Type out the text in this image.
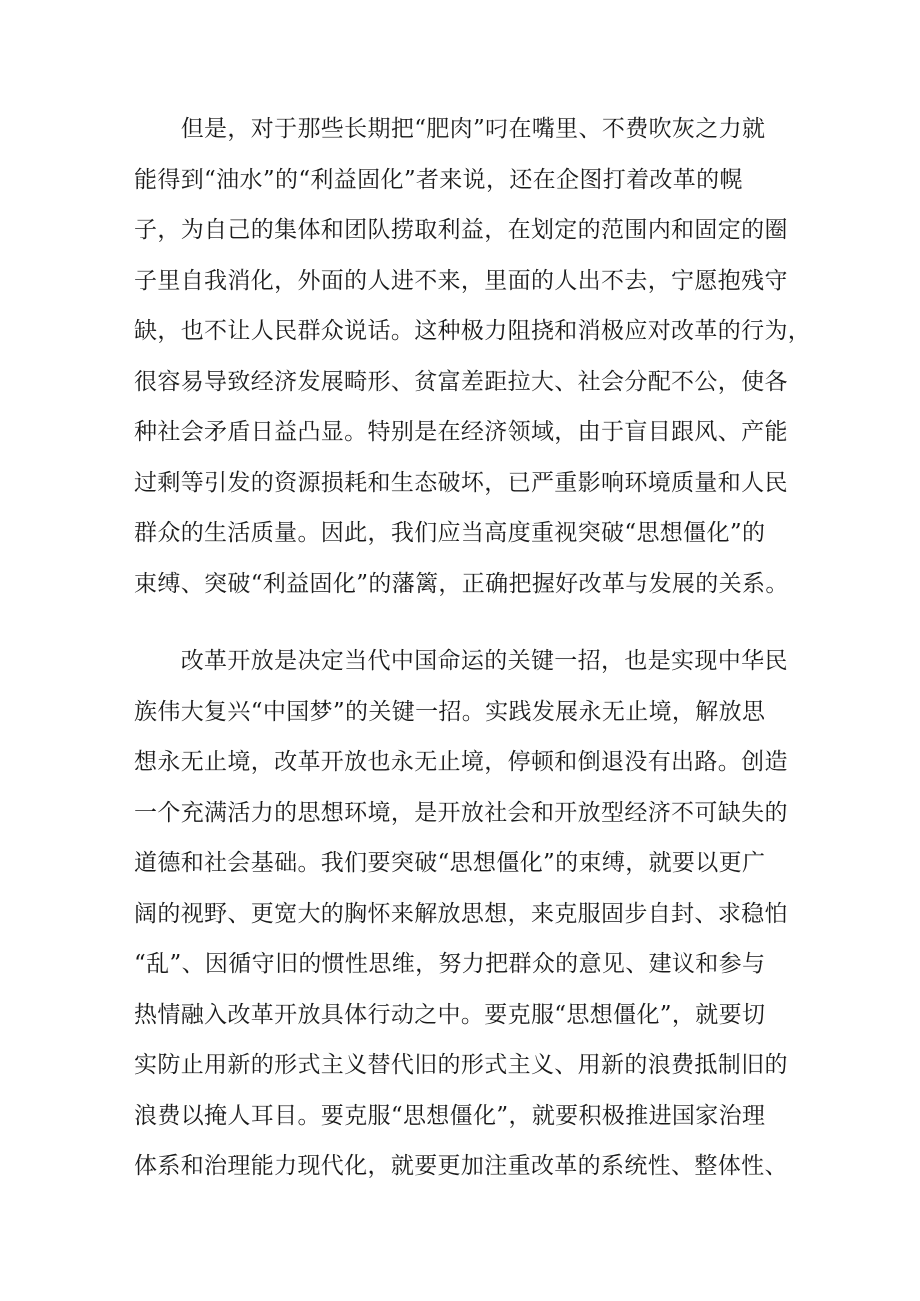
　　但是，对于那些长期把“肥肉”叼在嘴里、不费吹灰之力就
能得到“油水”的“利益固化”者来说，还在企图打着改革的幌
子，为自己的集体和团队捞取利益，在划定的范围内和固定的圈
子里自我消化，外面的人进不来，里面的人出不去，宁愿抱残守
缺，也不让人民群众说话。这种极力阻挠和消极应对改革的行为，
很容易导致经济发展畸形、贫富差距拉大、社会分配不公，使各
种社会矛盾日益凸显。特别是在经济领域，由于盲目跟风、产能
过剩等引发的资源损耗和生态破坏，已严重影响环境质量和人民
群众的生活质量。因此，我们应当高度重视突破“思想僵化”的
束缚、突破“利益固化”的藩篱，正确把握好改革与发展的关系。
　　改革开放是决定当代中国命运的关键一招，也是实现中华民
族伟大复兴“中国梦”的关键一招。实践发展永无止境，解放思
想永无止境，改革开放也永无止境，停顿和倒退没有出路。创造
一个充满活力的思想环境，是开放社会和开放型经济不可缺失的
道德和社会基础。我们要突破“思想僵化”的束缚，就要以更广
阔的视野、更宽大的胸怀来解放思想，来克服固步自封、求稳怕
“乱”、因循守旧的惯性思维，努力把群众的意见、建议和参与
热情融入改革开放具体行动之中。要克服“思想僵化”，就要切
实防止用新的形式主义替代旧的形式主义、用新的浪费抵制旧的
浪费以掩人耳目。要克服“思想僵化”，就要积极推进国家治理
体系和治理能力现代化，就要更加注重改革的系统性、整体性、
